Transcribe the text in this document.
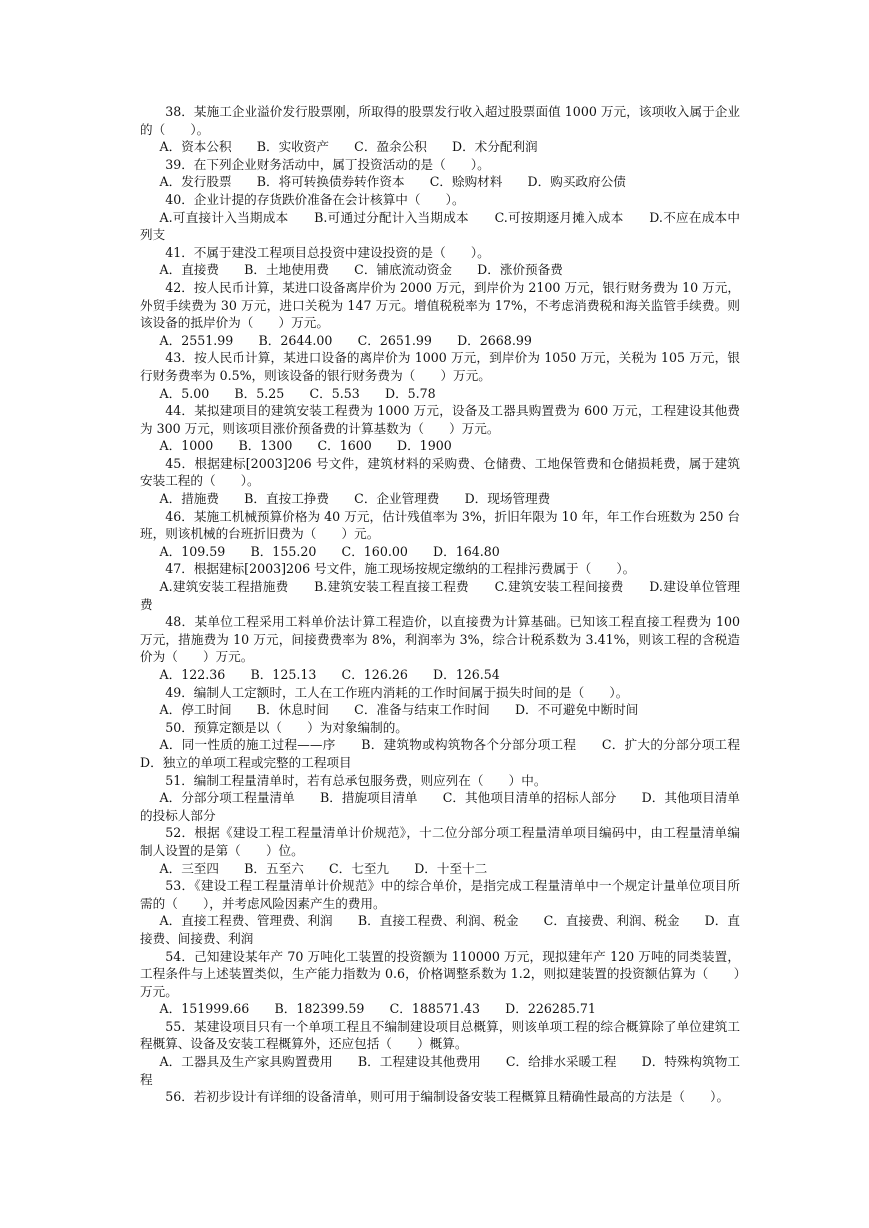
38．某施工企业溢价发行股票刚，所取得的股票发行收入超过股票面值 1000 万元，该项收入属于企业的（　　）。

A．资本公积　　B．实收资产　　C．盈余公积　　D．术分配利润

39．在下列企业财务活动中，属丁投资活动的是（　　）。

A．发行股票　　B．将可转换债券转作资本　　C．赊购材料　　D．购买政府公债

40．企业计提的存货跌价准备在会计核算中（　　）。

A.可直接计入当期成本　　B.可通过分配计入当期成本　　C.可按期逐月摊入成本　　D.不应在成本中列支

41．不属于建没工程项目总投资中建设投资的是（　　）。

A．直接费　　B．土地使用费　　C．铺底流动资金　　D．涨价预备费

42．按人民币计算，某进口设备离岸价为 2000 万元，到岸价为 2100 万元，银行财务费为 10 万元，外贸手续费为 30 万元，进口关税为 147 万元。增值税税率为 17%，不考虑消费税和海关监管手续费。则该设备的抵岸价为（　　）万元。

A．2551.99　　B．2644.00　　C．2651.99　　D．2668.99

43．按人民币计算，某进口设备的离岸价为 1000 万元，到岸价为 1050 万元，关税为 105 万元，银行财务费率为 0.5%，则该设备的银行财务费为（　　）万元。

A．5.00　　B．5.25　　C．5.53　　D．5.78

44．某拟建项目的建筑安装工程费为 1000 万元，设备及工器具购置费为 600 万元，工程建设其他费为 300 万元，则该项目涨价预备费的计算基数为（　　）万元。

A．1000　　B．1300　　C．1600　　D．1900

45．根据建标[2003]206 号文件，建筑材料的采购费、仓储费、工地保管费和仓储损耗费，属于建筑安装工程的（　　）。

A．措施费　　B．直按工挣费　　C．企业管理费　　D．现场管理费

46．某施工机械预算价格为 40 万元，估计残值率为 3%，折旧年限为 10 年，年工作台班数为 250 台班，则该机械的台班折旧费为（　　）元。

A．109.59　　B．155.20　　C．160.00　　D．164.80

47．根据建标[2003]206 号文件，施工现场按规定缴纳的工程排污费属于（　　）。

A.建筑安装工程措施费　　B.建筑安装工程直接工程费　　C.建筑安装工程间接费　　D.建设单位管理费

48．某单位工程采用工料单价法计算工程造价，以直接费为计算基础。已知该工程直接工程费为 100 万元，措施费为 10 万元，间接费费率为 8%，利润率为 3%，综合计税系数为 3.41%，则该工程的含税造价为（　　）万元。

A．122.36　　B．125.13　　C．126.26　　D．126.54

49．编制人工定额时，工人在工作班内消耗的工作时间属于损失时间的是（　　）。

A．停工时间　　B．休息时间　　C．准备与结束工作时间　　D．不可避免中断时间

50．预算定额是以（　　）为对象编制的。

A．同一性质的施工过程——序　　B．建筑物或构筑物各个分部分项工程　　C．扩大的分部分项工程　　D．独立的单项工程或完整的工程项目

51．编制工程量清单时，若有总承包服务费，则应列在（　　）中。

A．分部分项工程量清单　　B．措旎项目清单　　C．其他项目清单的招标人部分　　D．其他项目清单的投标人部分

52．根据《建设工程工程量清单计价规范》，十二位分部分项工程量清单项目编码中，由工程量清单编制人设置的是第（　　）位。

A．三至四　　B．五至六　　C．七至九　　D．十至十二

53．《建设工程工程量清单计价规范》中的综合单价，是指完成工程量清单中一个规定计量单位项目所需的（　　），并考虑风险因素产生的费用。

A．直接工程费、管理费、利润　　B．直接工程费、利润、税金　　C．直接费、利润、税金　　D．直接费、间接费、利润

54．己知建设某年产 70 万吨化工装置的投资额为 110000 万元，现拟建年产 120 万吨的同类装置，工程条件与上述装置类似，生产能力指数为 0.6，价格调整系数为 1.2，则拟建装置的投资额估算为（　　）万元。

A．151999.66　　B．182399.59　　C．188571.43　　D．226285.71

55．某建设项目只有一个单项工程且不编制建设项目总概算，则该单项工程的综合概算除了单位建筑工程概算、设备及安装工程概算外，还应包括（　　）概算。

A．工器具及生产家具购置费用　　B．工程建设其他费用　　C．给排水采暖工程　　D．特殊构筑物工程

56．若初步设计有详细的设备清单，则可用于编制设备安装工程概算且精确性最高的方法是（　　）。
